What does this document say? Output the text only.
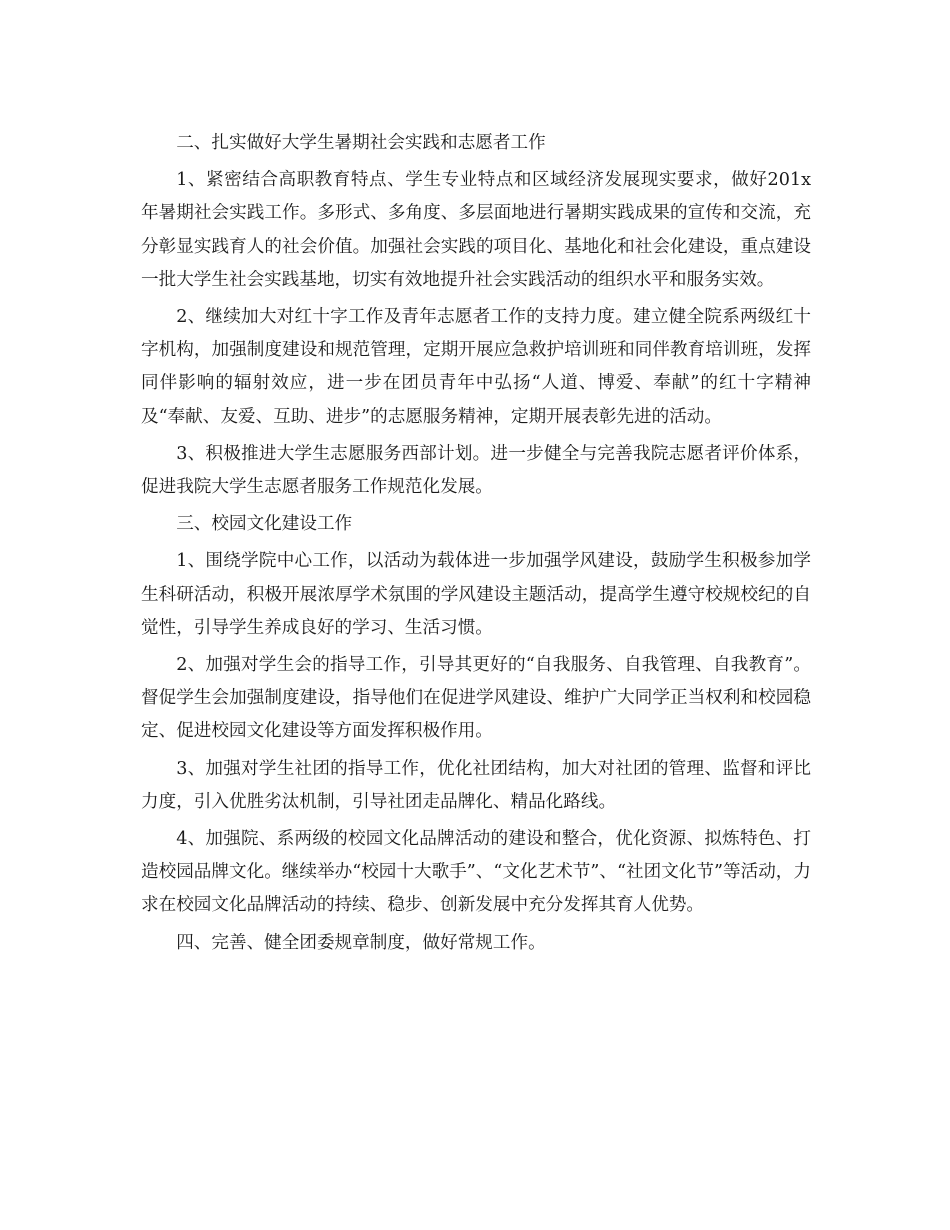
二、扎实做好大学生暑期社会实践和志愿者工作

1、紧密结合高职教育特点、学生专业特点和区域经济发展现实要求，做好201x年暑期社会实践工作。多形式、多角度、多层面地进行暑期实践成果的宣传和交流，充分彰显实践育人的社会价值。加强社会实践的项目化、基地化和社会化建设，重点建设一批大学生社会实践基地，切实有效地提升社会实践活动的组织水平和服务实效。

2、继续加大对红十字工作及青年志愿者工作的支持力度。建立健全院系两级红十字机构，加强制度建设和规范管理，定期开展应急救护培训班和同伴教育培训班，发挥同伴影响的辐射效应，进一步在团员青年中弘扬“人道、博爱、奉献”的红十字精神及“奉献、友爱、互助、进步”的志愿服务精神，定期开展表彰先进的活动。

3、积极推进大学生志愿服务西部计划。进一步健全与完善我院志愿者评价体系，促进我院大学生志愿者服务工作规范化发展。

三、校园文化建设工作

1、围绕学院中心工作，以活动为载体进一步加强学风建设，鼓励学生积极参加学生科研活动，积极开展浓厚学术氛围的学风建设主题活动，提高学生遵守校规校纪的自觉性，引导学生养成良好的学习、生活习惯。

2、加强对学生会的指导工作，引导其更好的“自我服务、自我管理、自我教育”。督促学生会加强制度建设，指导他们在促进学风建设、维护广大同学正当权利和校园稳定、促进校园文化建设等方面发挥积极作用。

3、加强对学生社团的指导工作，优化社团结构，加大对社团的管理、监督和评比力度，引入优胜劣汰机制，引导社团走品牌化、精品化路线。

4、加强院、系两级的校园文化品牌活动的建设和整合，优化资源、拟炼特色、打造校园品牌文化。继续举办“校园十大歌手”、“文化艺术节”、“社团文化节”等活动，力求在校园文化品牌活动的持续、稳步、创新发展中充分发挥其育人优势。

四、完善、健全团委规章制度，做好常规工作。
